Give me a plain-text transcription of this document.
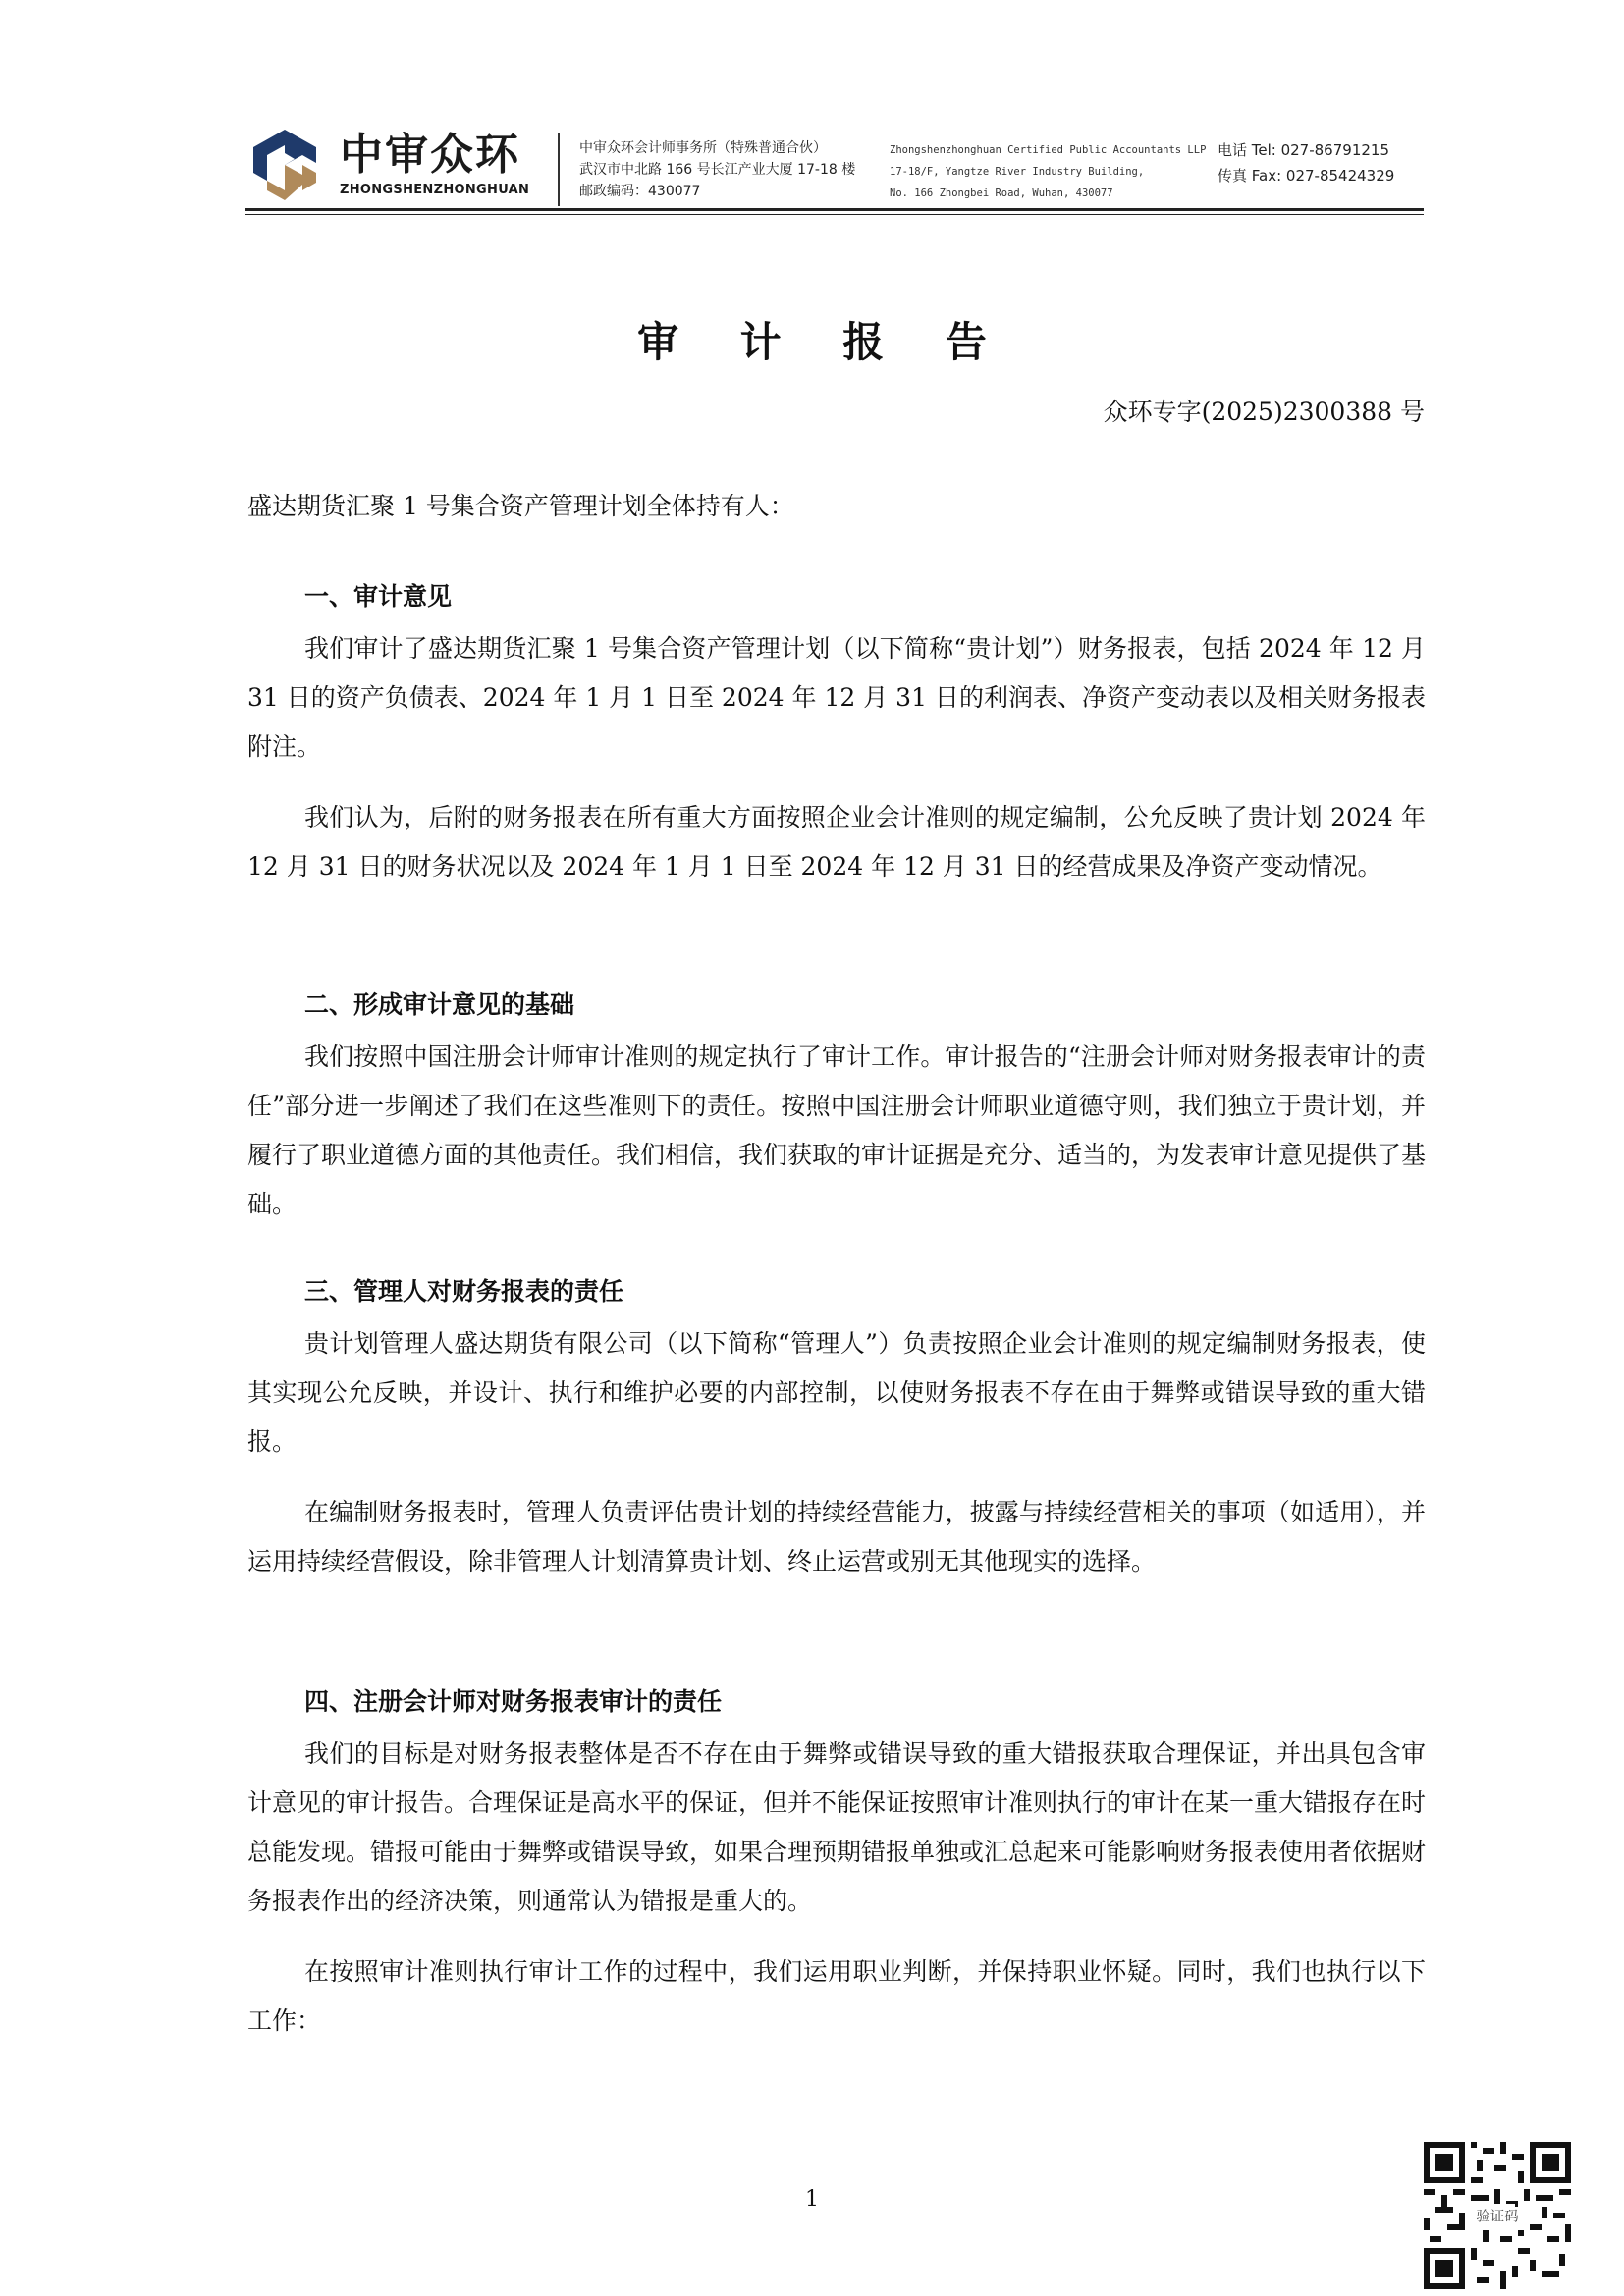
中审众环
ZHONGSHENZHONGHUAN
中审众环会计师事务所（特殊普通合伙）
武汉市中北路 166 号长江产业大厦 17-18 楼
邮政编码：430077
Zhongshenzhonghuan Certified Public Accountants LLP
17-18/F, Yangtze River Industry Building,
No. 166 Zhongbei Road, Wuhan, 430077
电话 Tel: 027-86791215
传真 Fax: 027-85424329
审 计 报 告
众环专字(2025)2300388 号
盛达期货汇聚 1 号集合资产管理计划全体持有人：
一、审计意见

我们审计了盛达期货汇聚 1 号集合资产管理计划（以下简称“贵计划”）财务报表，包括 2024 年 12 月 31 日的资产负债表、2024 年 1 月 1 日至 2024 年 12 月 31 日的利润表、净资产变动表以及相关财务报表附注。

我们认为，后附的财务报表在所有重大方面按照企业会计准则的规定编制，公允反映了贵计划 2024 年 12 月 31 日的财务状况以及 2024 年 1 月 1 日至 2024 年 12 月 31 日的经营成果及净资产变动情况。

二、形成审计意见的基础

我们按照中国注册会计师审计准则的规定执行了审计工作。审计报告的“注册会计师对财务报表审计的责任”部分进一步阐述了我们在这些准则下的责任。按照中国注册会计师职业道德守则，我们独立于贵计划，并履行了职业道德方面的其他责任。我们相信，我们获取的审计证据是充分、适当的，为发表审计意见提供了基础。

三、管理人对财务报表的责任

贵计划管理人盛达期货有限公司（以下简称“管理人”）负责按照企业会计准则的规定编制财务报表，使其实现公允反映，并设计、执行和维护必要的内部控制，以使财务报表不存在由于舞弊或错误导致的重大错报。

在编制财务报表时，管理人负责评估贵计划的持续经营能力，披露与持续经营相关的事项（如适用），并运用持续经营假设，除非管理人计划清算贵计划、终止运营或别无其他现实的选择。

四、注册会计师对财务报表审计的责任

我们的目标是对财务报表整体是否不存在由于舞弊或错误导致的重大错报获取合理保证，并出具包含审计意见的审计报告。合理保证是高水平的保证，但并不能保证按照审计准则执行的审计在某一重大错报存在时总能发现。错报可能由于舞弊或错误导致，如果合理预期错报单独或汇总起来可能影响财务报表使用者依据财务报表作出的经济决策，则通常认为错报是重大的。

在按照审计准则执行审计工作的过程中，我们运用职业判断，并保持职业怀疑。同时，我们也执行以下工作：

1
验证码
